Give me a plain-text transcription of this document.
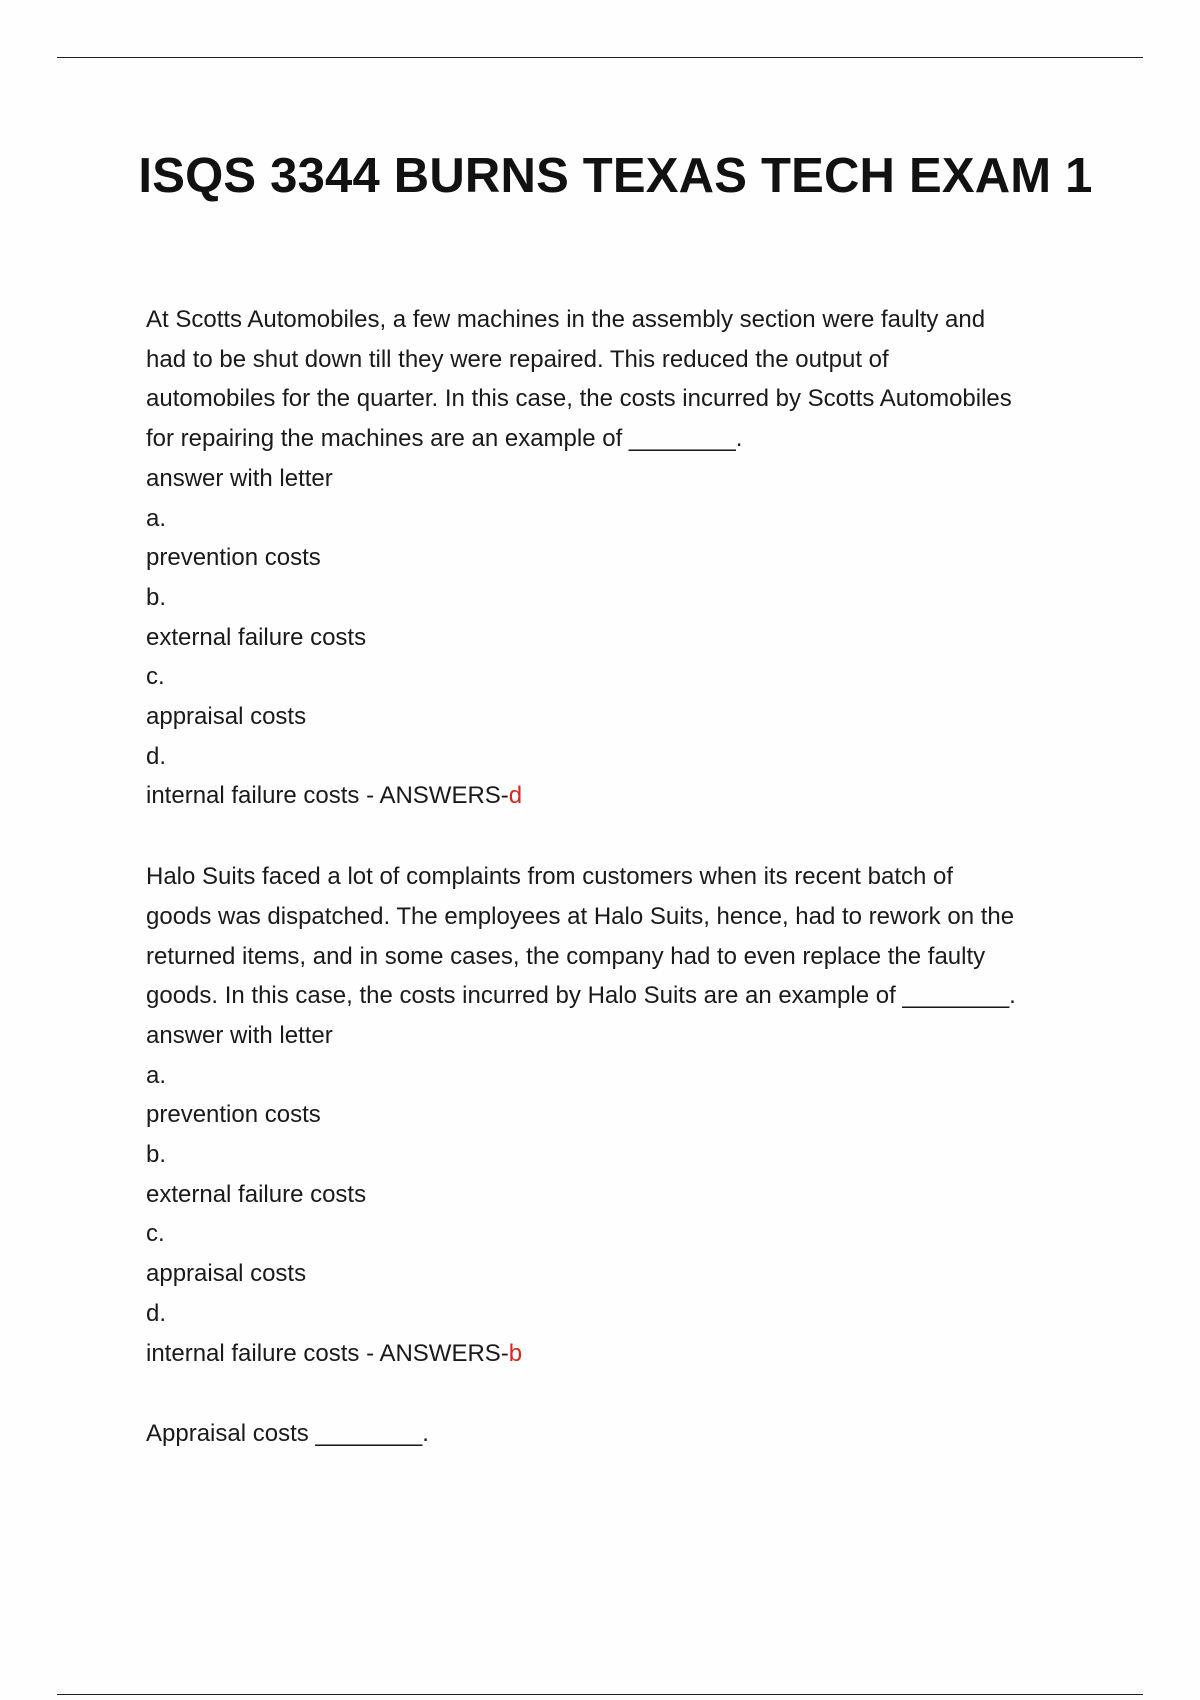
ISQS 3344 BURNS TEXAS TECH EXAM 1
At Scotts Automobiles, a few machines in the assembly section were faulty and
had to be shut down till they were repaired. This reduced the output of
automobiles for the quarter. In this case, the costs incurred by Scotts Automobiles
for repairing the machines are an example of ________.
answer with letter
a.
prevention costs
b.
external failure costs
c.
appraisal costs
d.
internal failure costs - ANSWERS-d
Halo Suits faced a lot of complaints from customers when its recent batch of
goods was dispatched. The employees at Halo Suits, hence, had to rework on the
returned items, and in some cases, the company had to even replace the faulty
goods. In this case, the costs incurred by Halo Suits are an example of ________.
answer with letter
a.
prevention costs
b.
external failure costs
c.
appraisal costs
d.
internal failure costs - ANSWERS-b
Appraisal costs ________.
